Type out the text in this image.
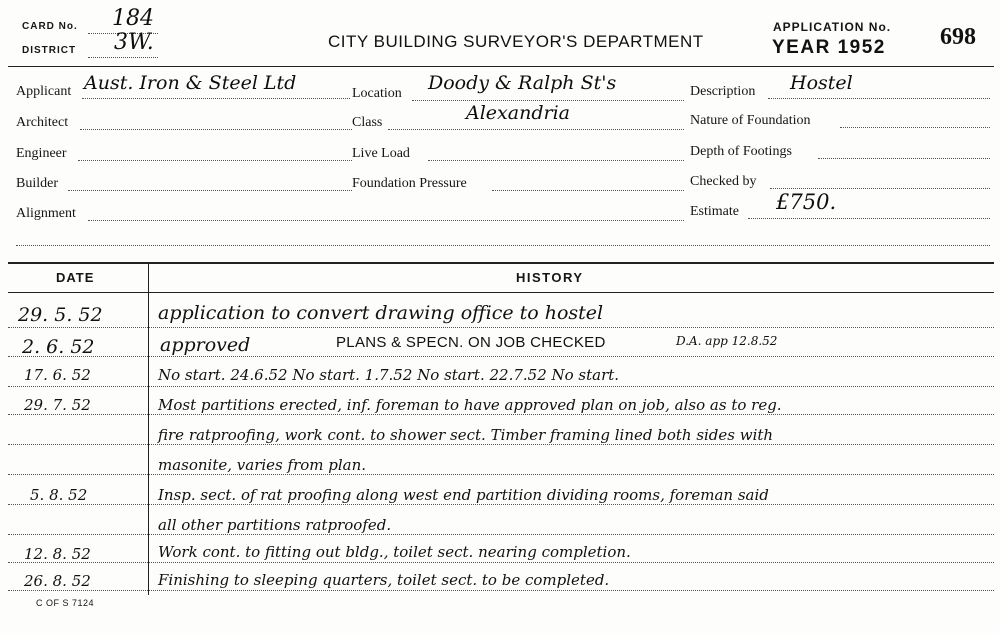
CARD No. 184
DISTRICT 3W.	CITY BUILDING SURVEYOR'S DEPARTMENT
APPLICATION No.
YEAR 1952 698
Applicant Aust. Iron & Steel Ltd	Location Doody & Ralph St's	Description Hostel
Architect	Class	Alexandria	Nature of Foundation
Engineer	Live Load	Depth of Footings
Builder	Foundation Pressure	Checked by
Alignment	Estimate £750.
DATE	HISTORY
29. 5. 52	application to convert drawing office to hostel
2. 6. 52	approved	PLANS & SPECN. ON JOB CHECKED	D.A. app 12.8.52
17. 6. 52	No start. 24.6.52 No start. 1.7.52 No start. 22.7.52 No start.
29. 7. 52	Most partitions erected, inf. foreman to have approved plan on job, also as to reg.
fire ratproofing, work cont. to shower sect. Timber framing lined both sides with
masonite, varies from plan.
5. 8. 52	Insp. sect. of rat proofing along west end partition dividing rooms, foreman said
all other partitions ratproofed.
12. 8. 52	Work cont. to fitting out bldg., toilet sect. nearing completion.
26. 8. 52	Finishing to sleeping quarters, toilet sect. to be completed.
C OF S 7124
